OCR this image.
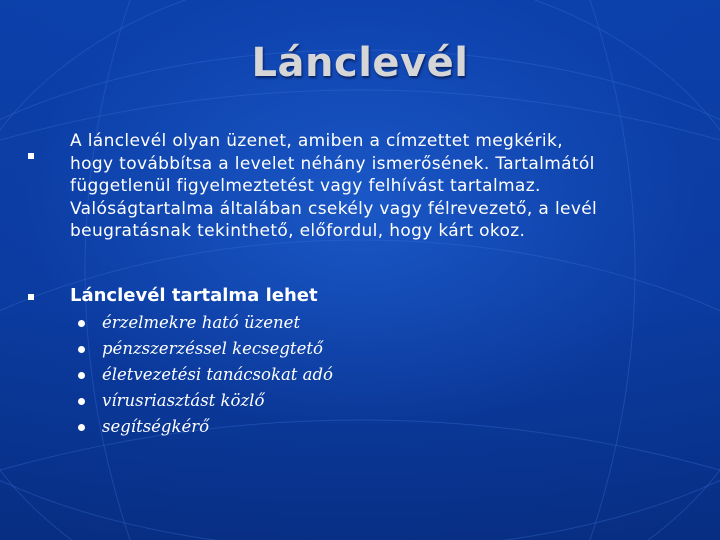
Lánclevél
A lánclevél olyan üzenet, amiben a címzettet megkérik,
hogy továbbítsa a levelet néhány ismerősének. Tartalmától
függetlenül figyelmeztetést vagy felhívást tartalmaz.
Valóságtartalma általában csekély vagy félrevezető, a levél
beugratásnak tekinthető, előfordul, hogy kárt okoz.
Lánclevél tartalma lehet
érzelmekre ható üzenet
pénzszerzéssel kecsegtető
életvezetési tanácsokat adó
vírusriasztást közlő
segítségkérő
